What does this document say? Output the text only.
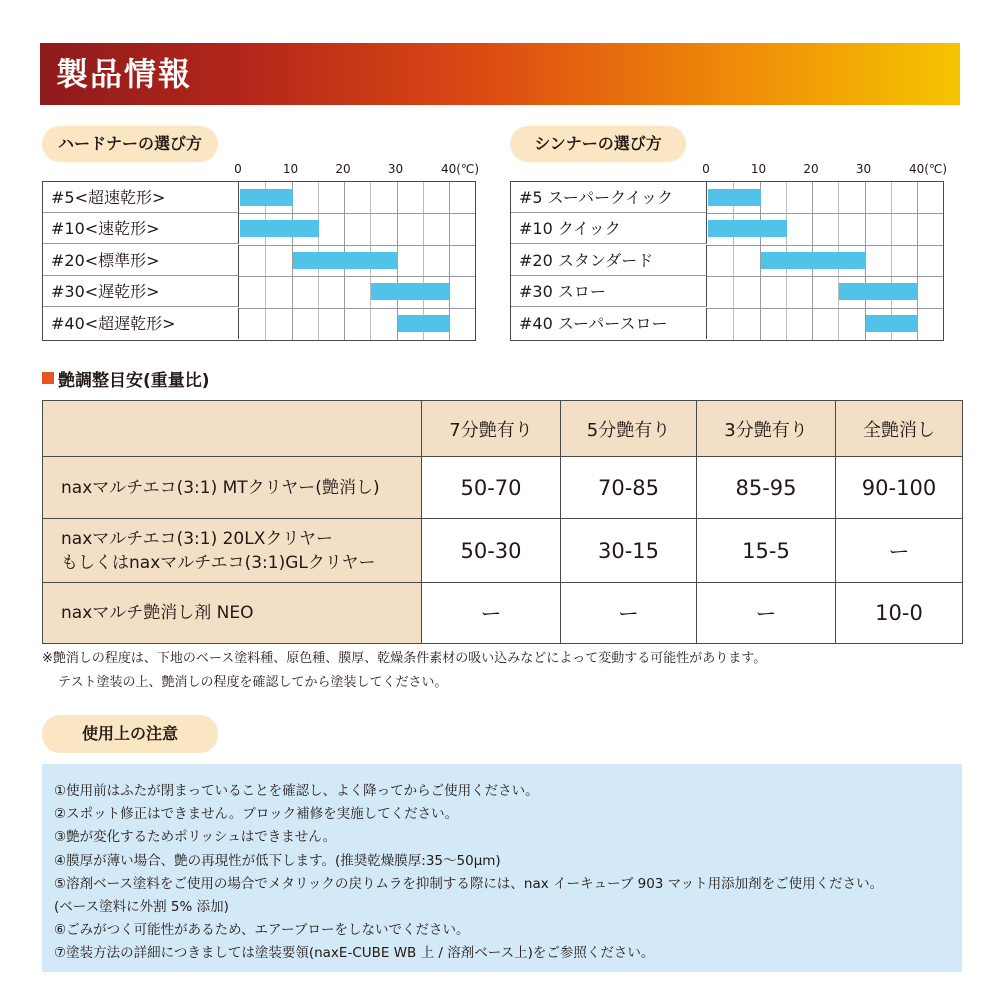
製品情報
ハードナーの選び方
0	10	20	30	40(℃)
#5<超速乾形>
#10<速乾形>
#20<標準形>
#30<遅乾形>
#40<超遅乾形>
シンナーの選び方
0	10	20	30	40(℃)
#5 スーパークイック
#10 クイック
#20 スタンダード
#30 スロー
#40 スーパースロー
艶調整目安(重量比)
	7分艶有り	5分艶有り	3分艶有り	全艶消し

naxマルチエコ(3:1) MTクリヤー(艶消し)	50-70	70-85	85-95	90-100

naxマルチエコ(3:1) 20LXクリヤー
もしくはnaxマルチエコ(3:1)GLクリヤー	50-30	30-15	15-5	ー

naxマルチ艶消し剤 NEO	ー	ー	ー	10-0
※艶消しの程度は、下地のベース塗料種、原色種、膜厚、乾燥条件素材の吸い込みなどによって変動する可能性があります。
テスト塗装の上、艶消しの程度を確認してから塗装してください。
使用上の注意
①使用前はふたが閉まっていることを確認し、よく降ってからご使用ください。
②スポット修正はできません。ブロック補修を実施してください。
③艶が変化するためポリッシュはできません。
④膜厚が薄い場合、艶の再現性が低下します。(推奨乾燥膜厚:35〜50μm)
⑤溶剤ベース塗料をご使用の場合でメタリックの戻りムラを抑制する際には、nax イーキューブ 903 マット用添加剤をご使用ください。
(ベース塗料に外割 5% 添加)
⑥ごみがつく可能性があるため、エアーブローをしないでください。
⑦塗装方法の詳細につきましては塗装要領(naxE-CUBE WB 上 / 溶剤ベース上)をご参照ください。
